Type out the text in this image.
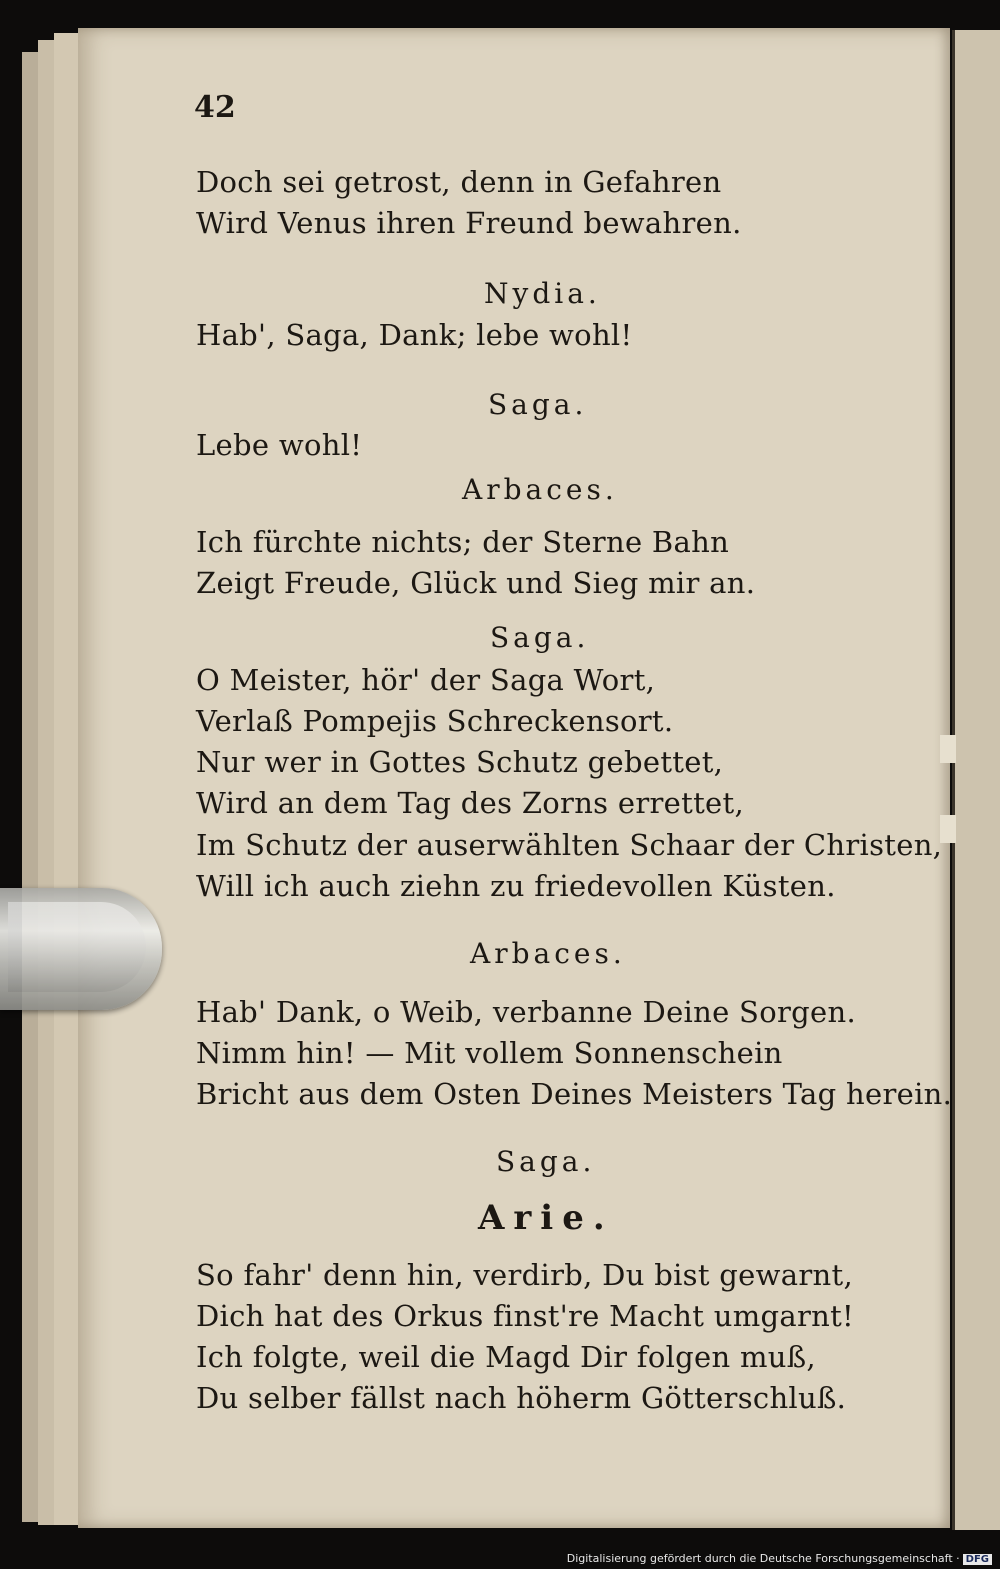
42
Doch sei getrost, denn in Gefahren
Wird Venus ihren Freund bewahren.
Nydia.
Hab', Saga, Dank; lebe wohl!
Saga.
Lebe wohl!
Arbaces.
Ich fürchte nichts; der Sterne Bahn
Zeigt Freude, Glück und Sieg mir an.
Saga.
O Meister, hör' der Saga Wort,
Verlaß Pompejis Schreckensort.
Nur wer in Gottes Schutz gebettet,
Wird an dem Tag des Zorns errettet,
Im Schutz der auserwählten Schaar der Christen,
Will ich auch ziehn zu friedevollen Küsten.
Arbaces.
Hab' Dank, o Weib, verbanne Deine Sorgen.
Nimm hin! — Mit vollem Sonnenschein
Bricht aus dem Osten Deines Meisters Tag herein.
Saga.
Arie.
So fahr' denn hin, verdirb, Du bist gewarnt,
Dich hat des Orkus finst're Macht umgarnt!
Ich folgte, weil die Magd Dir folgen muß,
Du selber fällst nach höherm Götterschluß.
Digitalisierung gefördert durch die Deutsche Forschungsgemeinschaft · DFG
